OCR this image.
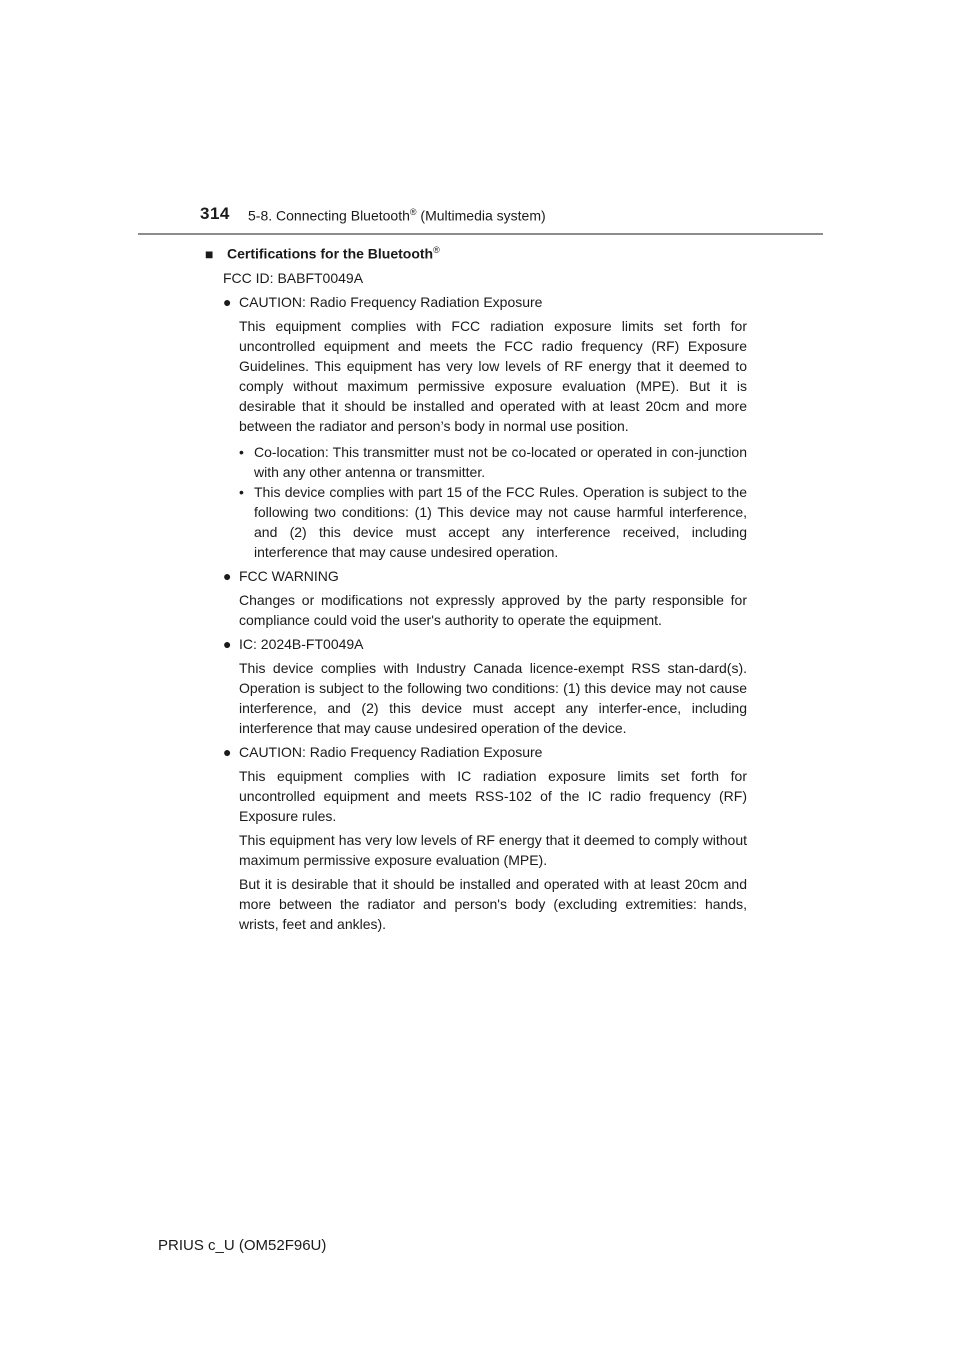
314 5-8. Connecting Bluetooth® (Multimedia system)

■ Certifications for the Bluetooth®

FCC ID: BABFT0049A

● CAUTION: Radio Frequency Radiation Exposure

This equipment complies with FCC radiation exposure limits set forth for uncontrolled equipment and meets the FCC radio frequency (RF) Exposure Guidelines. This equipment has very low levels of RF energy that it deemed to comply without maximum permissive exposure evaluation (MPE). But it is desirable that it should be installed and operated with at least 20cm and more between the radiator and person’s body in normal use position.

• Co-location: This transmitter must not be co-located or operated in con-junction with any other antenna or transmitter.
• This device complies with part 15 of the FCC Rules. Operation is subject to the following two conditions: (1) This device may not cause harmful interference, and (2) this device must accept any interference received, including interference that may cause undesired operation.
● FCC WARNING

Changes or modifications not expressly approved by the party responsible for compliance could void the user's authority to operate the equipment.

● IC: 2024B-FT0049A

This device complies with Industry Canada licence-exempt RSS stan-dard(s). Operation is subject to the following two conditions: (1) this device may not cause interference, and (2) this device must accept any interfer-ence, including interference that may cause undesired operation of the device.

● CAUTION: Radio Frequency Radiation Exposure

This equipment complies with IC radiation exposure limits set forth for uncontrolled equipment and meets RSS-102 of the IC radio frequency (RF) Exposure rules.

This equipment has very low levels of RF energy that it deemed to comply without maximum permissive exposure evaluation (MPE).

But it is desirable that it should be installed and operated with at least 20cm and more between the radiator and person's body (excluding extremities: hands, wrists, feet and ankles).

PRIUS c_U (OM52F96U)
